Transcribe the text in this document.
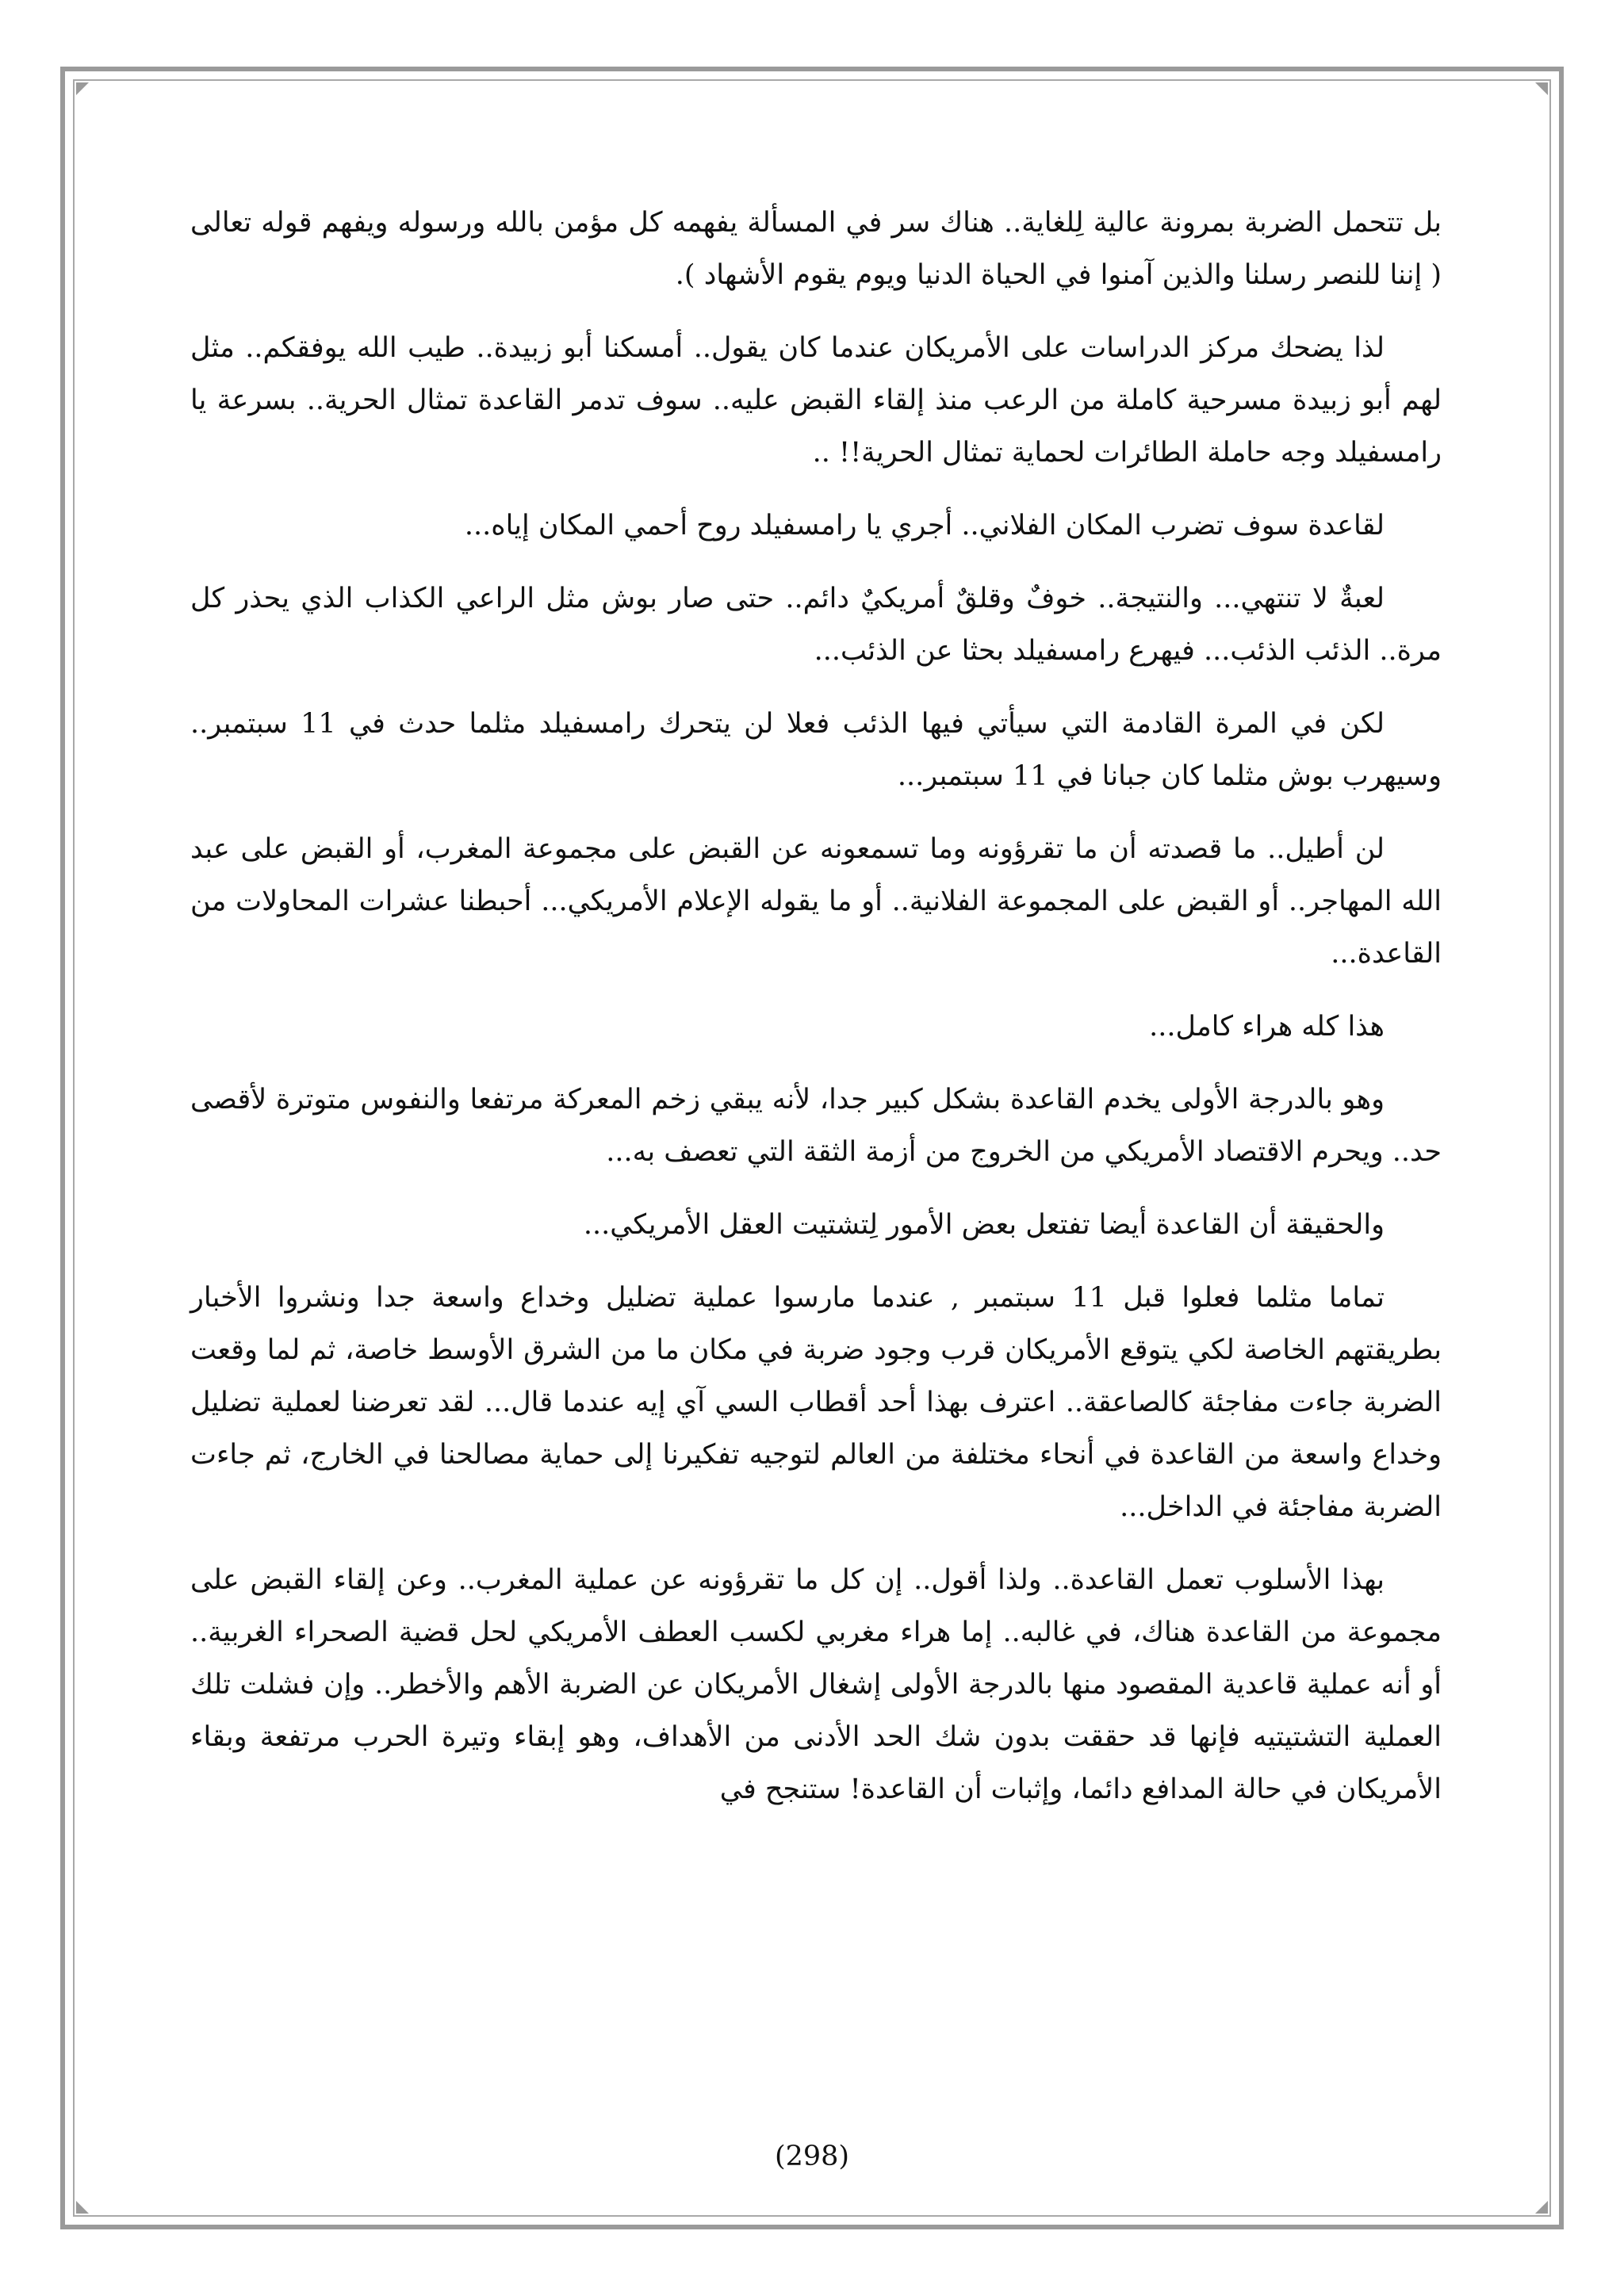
بل تتحمل الضربة بمرونة عالية لِلغاية.. هناك سر في المسألة يفهمه كل مؤمن بالله ورسوله ويفهم قوله تعالى ( إننا للنصر رسلنا والذين آمنوا في الحياة الدنيا ويوم يقوم الأشهاد ).

لذا يضحك مركز الدراسات على الأمريكان عندما كان يقول.. أمسكنا أبو زبيدة.. طيب الله يوفقكم.. مثل لهم أبو زبيدة مسرحية كاملة من الرعب منذ إلقاء القبض عليه.. سوف تدمر القاعدة تمثال الحرية.. بسرعة يا رامسفيلد وجه حاملة الطائرات لحماية تمثال الحرية!! ..

لقاعدة سوف تضرب المكان الفلاني.. أجري يا رامسفيلد روح أحمي المكان إياه...

لعبةٌ لا تنتهي... والنتيجة.. خوفٌ وقلقٌ أمريكيٌ دائم.. حتى صار بوش مثل الراعي الكذاب الذي يحذر كل مرة.. الذئب الذئب... فيهرع رامسفيلد بحثا عن الذئب...

لكن في المرة القادمة التي سيأتي فيها الذئب فعلا لن يتحرك رامسفيلد مثلما حدث في 11 سبتمبر.. وسيهرب بوش مثلما كان جبانا في 11 سبتمبر...

لن أطيل.. ما قصدته أن ما تقرؤونه وما تسمعونه عن القبض على مجموعة المغرب، أو القبض على عبد الله المهاجر.. أو القبض على المجموعة الفلانية.. أو ما يقوله الإعلام الأمريكي... أحبطنا عشرات المحاولات من القاعدة...

هذا كله هراء كامل...

وهو بالدرجة الأولى يخدم القاعدة بشكل كبير جدا، لأنه يبقي زخم المعركة مرتفعا والنفوس متوترة لأقصى حد.. ويحرم الاقتصاد الأمريكي من الخروج من أزمة الثقة التي تعصف به...

والحقيقة أن القاعدة أيضا تفتعل بعض الأمور لِتشتيت العقل الأمريكي...

تماما مثلما فعلوا قبل 11 سبتمبر , عندما مارسوا عملية تضليل وخداع واسعة جدا ونشروا الأخبار بطريقتهم الخاصة لكي يتوقع الأمريكان قرب وجود ضربة في مكان ما من الشرق الأوسط خاصة، ثم لما وقعت الضربة جاءت مفاجئة كالصاعقة.. اعترف بهذا أحد أقطاب السي آي إيه عندما قال... لقد تعرضنا لعملية تضليل وخداع واسعة من القاعدة في أنحاء مختلفة من العالم لتوجيه تفكيرنا إلى حماية مصالحنا في الخارج، ثم جاءت الضربة مفاجئة في الداخل...

بهذا الأسلوب تعمل القاعدة.. ولذا أقول.. إن كل ما تقرؤونه عن عملية المغرب.. وعن إلقاء القبض على مجموعة من القاعدة هناك، في غالبه.. إما هراء مغربي لكسب العطف الأمريكي لحل قضية الصحراء الغربية.. أو أنه عملية قاعدية المقصود منها بالدرجة الأولى إشغال الأمريكان عن الضربة الأهم والأخطر.. وإن فشلت تلك العملية التشتيتيه فإنها قد حققت بدون شك الحد الأدنى من الأهداف، وهو إبقاء وتيرة الحرب مرتفعة وبقاء الأمريكان في حالة المدافع دائما، وإثبات أن القاعدة! ستنجح في

(298)
